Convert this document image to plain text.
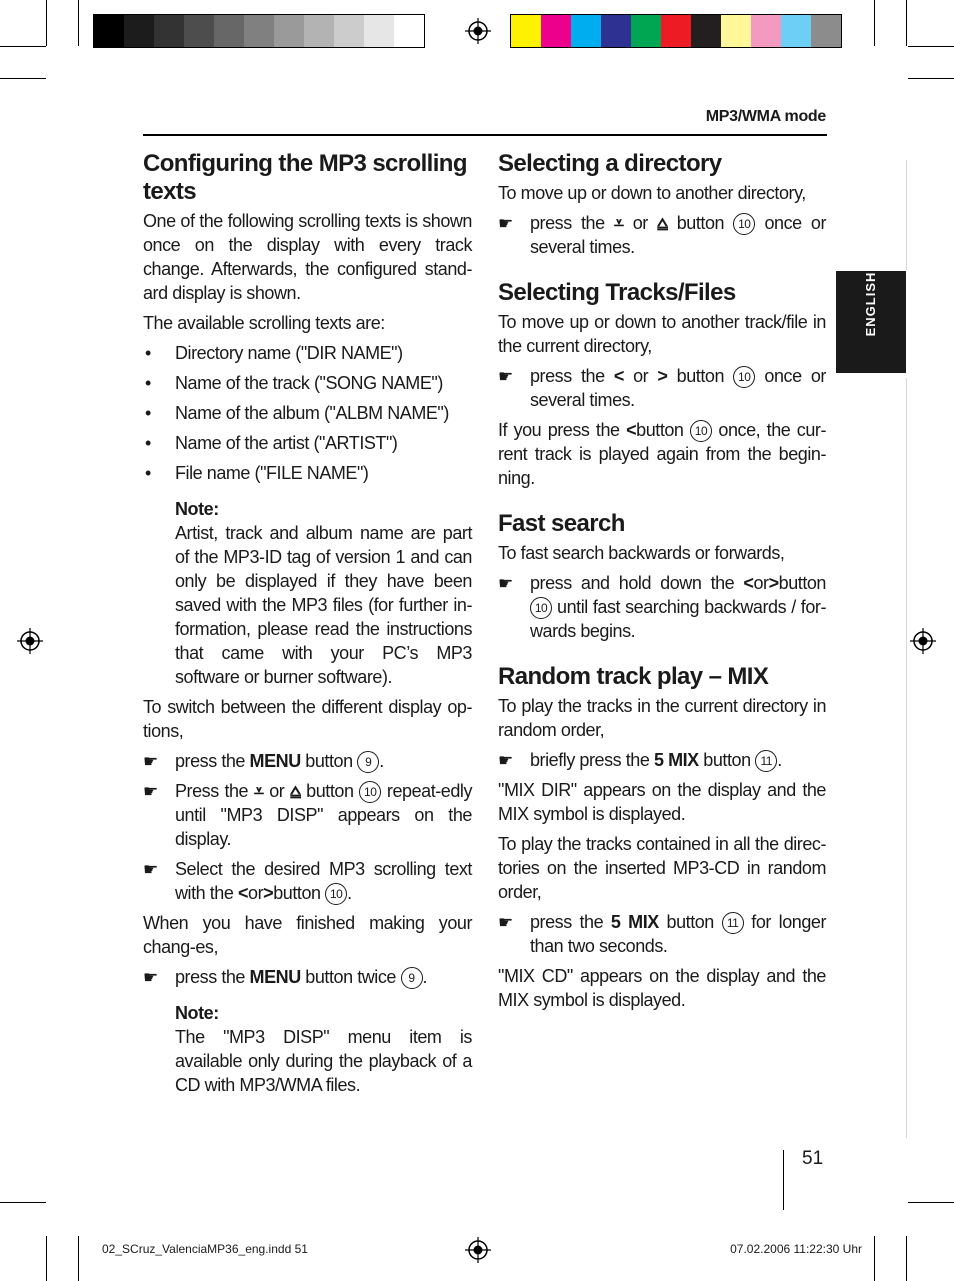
MP3/WMA mode
ENGLISH
Configuring the MP3 scrolling texts

One of the following scrolling texts is shown once on the display with every track change. Afterwards, the configured stand-ard display is shown.

The available scrolling texts are:

• Directory name ("DIR NAME")
• Name of the track ("SONG NAME")
• Name of the album ("ALBM NAME")
• Name of the artist ("ARTIST")
• File name ("FILE NAME")
Note:
Artist, track and album name are part of the MP3-ID tag of version 1 and can only be displayed if they have been saved with the MP3 files (for further in-formation, please read the instructions that came with your PC’s MP3 software or burner software).

To switch between the different display op-tions,

☛ press the MENU button 9 .
☛ Press the ⩡ or ⩠ button 10 repeat-edly until "MP3 DISP" appears on the display.
☛ Select the desired MP3 scrolling text with the <or>button 10 .

When you have finished making your chang-es,

☛ press the MENU button twice 9 .
Note:
The "MP3 DISP" menu item is available only during the playback of a CD with MP3/WMA files.
Selecting a directory

To move up or down to another directory,

☛ press the ⩡ or ⩠ button 10 once or several times.
Selecting Tracks/Files

To move up or down to another track/file in the current directory,

☛ press the < or > button 10 once or several times.

If you press the <button 10 once, the cur-rent track is played again from the begin-ning.

Fast search

To fast search backwards or forwards,

☛ press and hold down the <or>button 10 until fast searching backwards / for-wards begins.
Random track play – MIX

To play the tracks in the current directory in random order,

☛ briefly press the 5 MIX button 11 .

"MIX DIR" appears on the display and the MIX symbol is displayed.

To play the tracks contained in all the direc-tories on the inserted MP3-CD in random order,

☛ press the 5 MIX button 11 for longer than two seconds.

"MIX CD" appears on the display and the MIX symbol is displayed.

51
02_SCruz_ValenciaMP36_eng.indd 51	07.02.2006 11:22:30 Uhr
